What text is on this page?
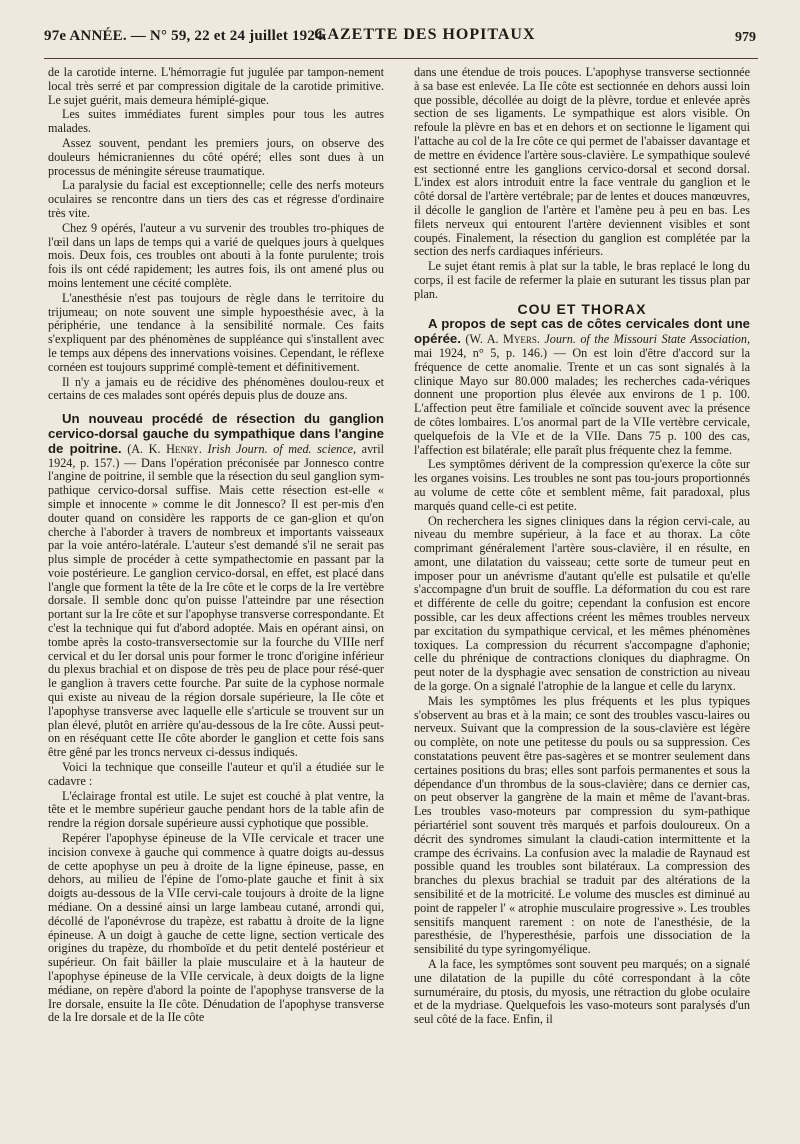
97e ANNÉE. — N° 59, 22 et 24 juillet 1924.
GAZETTE DES HOPITAUX	979

de la carotide interne. L'hémorragie fut jugulée par tampon-nement local très serré et par compression digitale de la carotide primitive. Le sujet guérit, mais demeura hémiplé-gique.

Les suites immédiates furent simples pour tous les autres malades.

Assez souvent, pendant les premiers jours, on observe des douleurs hémicraniennes du côté opéré; elles sont dues à un processus de méningite séreuse traumatique.

La paralysie du facial est exceptionnelle; celle des nerfs moteurs oculaires se rencontre dans un tiers des cas et régresse d'ordinaire très vite.

Chez 9 opérés, l'auteur a vu survenir des troubles tro-phiques de l'œil dans un laps de temps qui a varié de quelques jours à quelques mois. Deux fois, ces troubles ont abouti à la fonte purulente; trois fois ils ont cédé rapidement; les autres fois, ils ont amené plus ou moins lentement une cécité complète.

L'anesthésie n'est pas toujours de règle dans le territoire du trijumeau; on note souvent une simple hypoesthésie avec, à la périphérie, une tendance à la sensibilité normale. Ces faits s'expliquent par des phénomènes de suppléance qui s'installent avec le temps aux dépens des innervations voisines. Cependant, le réflexe cornéen est toujours supprimé complè-tement et définitivement.

Il n'y a jamais eu de récidive des phénomènes doulou-reux et certains de ces malades sont opérés depuis plus de douze ans.

Un nouveau procédé de résection du ganglion cervico-dorsal gauche du sympathique dans l'angine de poitrine. (A. K. Henry. Irish Journ. of med. science, avril 1924, p. 157.) — Dans l'opération préconisée par Jonnesco contre l'angine de poitrine, il semble que la résection du seul ganglion sym-pathique cervico-dorsal suffise. Mais cette résection est-elle « simple et innocente » comme le dit Jonnesco? Il est per-mis d'en douter quand on considère les rapports de ce gan-glion et qu'on cherche à l'aborder à travers de nombreux et importants vaisseaux par la voie antéro-latérale. L'auteur s'est demandé s'il ne serait pas plus simple de procéder à cette sympathectomie en passant par la voie postérieure. Le ganglion cervico-dorsal, en effet, est placé dans l'angle que forment la tête de la Ire côte et le corps de la Ire vertèbre dorsale. Il semble donc qu'on puisse l'atteindre par une résection portant sur la Ire côte et sur l'apophyse transverse correspondante. Et c'est la technique qui fut d'abord adoptée. Mais en opérant ainsi, on tombe après la costo-transversectomie sur la fourche du VIIIe nerf cervical et du Ier dorsal unis pour former le tronc d'origine inférieur du plexus brachial et on dispose de très peu de place pour résé-quer le ganglion à travers cette fourche. Par suite de la cyphose normale qui existe au niveau de la région dorsale supérieure, la IIe côte et l'apophyse transverse avec laquelle elle s'articule se trouvent sur un plan élevé, plutôt en arrière qu'au-dessous de la Ire côte. Aussi peut-on en réséquant cette IIe côte aborder le ganglion et cette fois sans être gêné par les troncs nerveux ci-dessus indiqués.

Voici la technique que conseille l'auteur et qu'il a étudiée sur le cadavre :

L'éclairage frontal est utile. Le sujet est couché à plat ventre, la tête et le membre supérieur gauche pendant hors de la table afin de rendre la région dorsale supérieure aussi cyphotique que possible.

Repérer l'apophyse épineuse de la VIIe cervicale et tracer une incision convexe à gauche qui commence à quatre doigts au-dessus de cette apophyse un peu à droite de la ligne épineuse, passe, en dehors, au milieu de l'épine de l'omo-plate gauche et finit à six doigts au-dessous de la VIIe cervi-cale toujours à droite de la ligne médiane. On a dessiné ainsi un large lambeau cutané, arrondi qui, décollé de l'aponévrose du trapèze, est rabattu à droite de la ligne épineuse. A un doigt à gauche de cette ligne, section verticale des origines du trapèze, du rhomboïde et du petit dentelé postérieur et supérieur. On fait bâiller la plaie musculaire et à la hauteur de l'apophyse épineuse de la VIIe cervicale, à deux doigts de la ligne médiane, on repère d'abord la pointe de l'apophyse transverse de la Ire dorsale, ensuite la IIe côte. Dénudation de l'apophyse transverse de la Ire dorsale et de la IIe côte

dans une étendue de trois pouces. L'apophyse transverse sectionnée à sa base est enlevée. La IIe côte est sectionnée en dehors aussi loin que possible, décollée au doigt de la plèvre, tordue et enlevée après section de ses ligaments. Le sympathique est alors visible. On refoule la plèvre en bas et en dehors et on sectionne le ligament qui l'attache au col de la Ire côte ce qui permet de l'abaisser davantage et de mettre en évidence l'artère sous-clavière. Le sympathique soulevé est sectionné entre les ganglions cervico-dorsal et second dorsal. L'index est alors introduit entre la face ventrale du ganglion et le côté dorsal de l'artère vertébrale; par de lentes et douces manœuvres, il décolle le ganglion de l'artère et l'amène peu à peu en bas. Les filets nerveux qui entourent l'artère deviennent visibles et sont coupés. Finalement, la résection du ganglion est complétée par la section des nerfs cardiaques inférieurs.

Le sujet étant remis à plat sur la table, le bras replacé le long du corps, il est facile de refermer la plaie en suturant les tissus plan par plan.

COU ET THORAX

A propos de sept cas de côtes cervicales dont une opérée. (W. A. Myers. Journ. of the Missouri State Association, mai 1924, n° 5, p. 146.) — On est loin d'être d'accord sur la fréquence de cette anomalie. Trente et un cas sont signalés à la clinique Mayo sur 80.000 malades; les recherches cada-vériques donnent une proportion plus élevée aux environs de 1 p. 100. L'affection peut être familiale et coïncide souvent avec la présence de côtes lombaires. L'os anormal part de la VIIe vertèbre cervicale, quelquefois de la VIe et de la VIIe. Dans 75 p. 100 des cas, l'affection est bilatérale; elle paraît plus fréquente chez la femme.

Les symptômes dérivent de la compression qu'exerce la côte sur les organes voisins. Les troubles ne sont pas tou-jours proportionnés au volume de cette côte et semblent même, fait paradoxal, plus marqués quand celle-ci est petite.

On recherchera les signes cliniques dans la région cervi-cale, au niveau du membre supérieur, à la face et au thorax. La côte comprimant généralement l'artère sous-clavière, il en résulte, en amont, une dilatation du vaisseau; cette sorte de tumeur peut en imposer pour un anévrisme d'autant qu'elle est pulsatile et qu'elle s'accompagne d'un bruit de souffle. La déformation du cou est rare et différente de celle du goitre; cependant la confusion est encore possible, car les deux affections créent les mêmes troubles nerveux par excitation du sympathique cervical, et les mêmes phénomènes toxiques. La compression du récurrent s'accompagne d'aphonie; celle du phrénique de contractions cloniques du diaphragme. On peut noter de la dysphagie avec sensation de constriction au niveau de la gorge. On a signalé l'atrophie de la langue et celle du larynx.

Mais les symptômes les plus fréquents et les plus typiques s'observent au bras et à la main; ce sont des troubles vascu-laires ou nerveux. Suivant que la compression de la sous-clavière est légère ou complète, on note une petitesse du pouls ou sa suppression. Ces constatations peuvent être pas-sagères et se montrer seulement dans certaines positions du bras; elles sont parfois permanentes et sous la dépendance d'un thrombus de la sous-clavière; dans ce dernier cas, on peut observer la gangrène de la main et même de l'avant-bras. Les troubles vaso-moteurs par compression du sym-pathique périartériel sont souvent très marqués et parfois douloureux. On a décrit des syndromes simulant la claudi-cation intermittente et la crampe des écrivains. La confusion avec la maladie de Raynaud est possible quand les troubles sont bilatéraux. La compression des branches du plexus brachial se traduit par des altérations de la sensibilité et de la motricité. Le volume des muscles est diminué au point de rappeler l' « atrophie musculaire progressive ». Les troubles sensitifs manquent rarement : on note de l'anesthésie, de la paresthésie, de l'hyperesthésie, parfois une dissociation de la sensibilité du type syringomyélique.

A la face, les symptômes sont souvent peu marqués; on a signalé une dilatation de la pupille du côté correspondant à la côte surnuméraire, du ptosis, du myosis, une rétraction du globe oculaire et de la mydriase. Quelquefois les vaso-moteurs sont paralysés d'un seul côté de la face. Enfin, il
